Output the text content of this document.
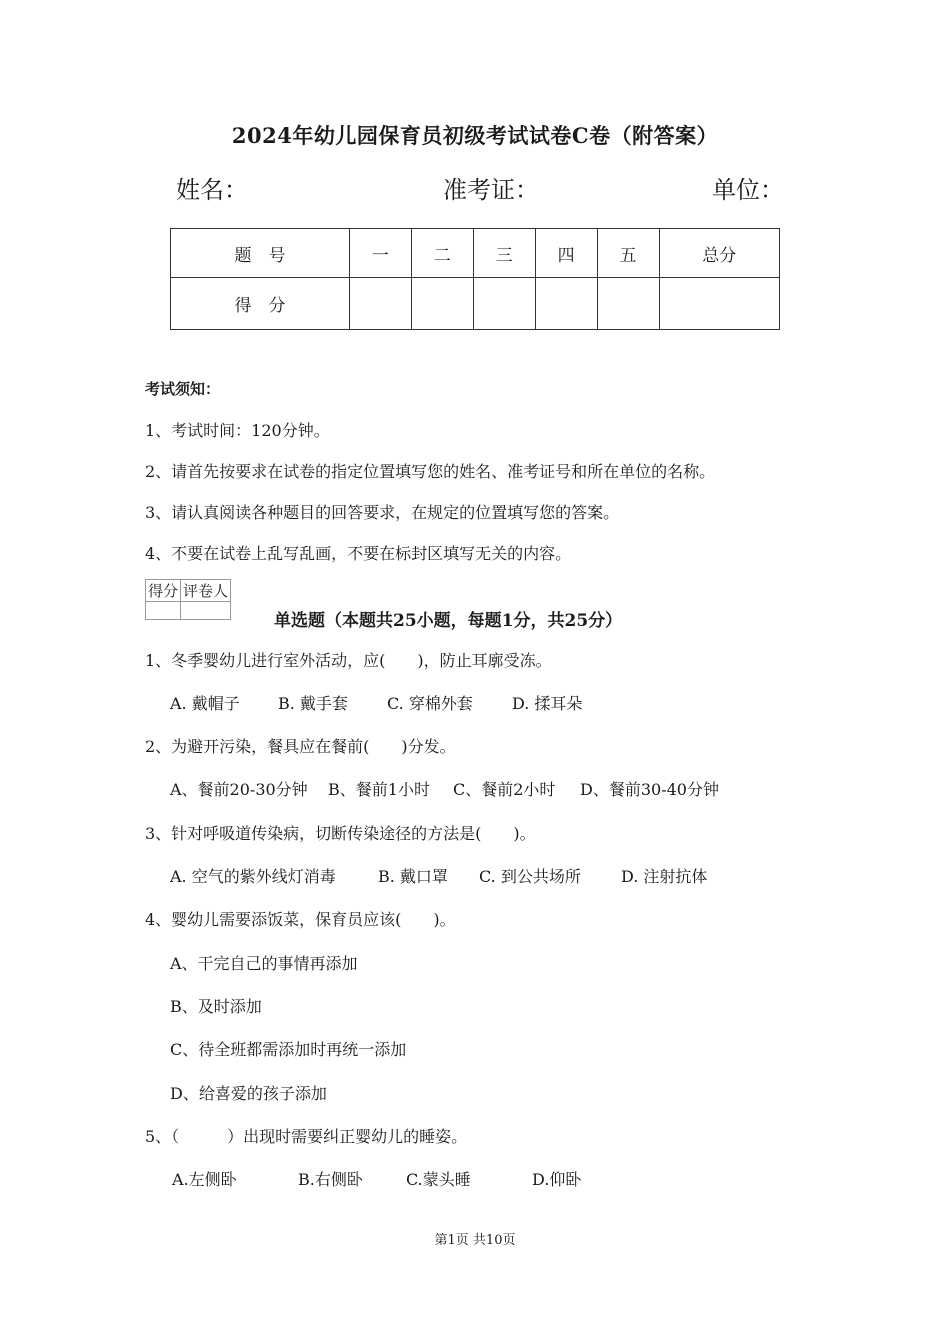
2024年幼儿园保育员初级考试试卷C卷（附答案）
姓名：	准考证：	单位：
题　号	一	二	三	四	五	总分
得　分						
考试须知：
1、考试时间：120分钟。
2、请首先按要求在试卷的指定位置填写您的姓名、准考证号和所在单位的名称。
3、请认真阅读各种题目的回答要求，在规定的位置填写您的答案。
4、不要在试卷上乱写乱画，不要在标封区填写无关的内容。
得分	评卷人

单选题（本题共25小题，每题1分，共25分）
1、冬季婴幼儿进行室外活动，应(　　)，防止耳廓受冻。
A. 戴帽子 B. 戴手套 C. 穿棉外套 D. 揉耳朵
2、为避开污染，餐具应在餐前(　　)分发。
A、餐前20-30分钟 B、餐前1小时 C、餐前2小时 D、餐前30-40分钟
3、针对呼吸道传染病，切断传染途径的方法是(　　)。
A. 空气的紫外线灯消毒	B. 戴口罩 C. 到公共场所	D. 注射抗体
4、婴幼儿需要添饭菜，保育员应该(　　)。
A、干完自己的事情再添加
B、及时添加
C、待全班都需添加时再统一添加
D、给喜爱的孩子添加
5、（　　　）出现时需要纠正婴幼儿的睡姿。
A.左侧卧	B.右侧卧	C.蒙头睡	D.仰卧
第1页 共10页
